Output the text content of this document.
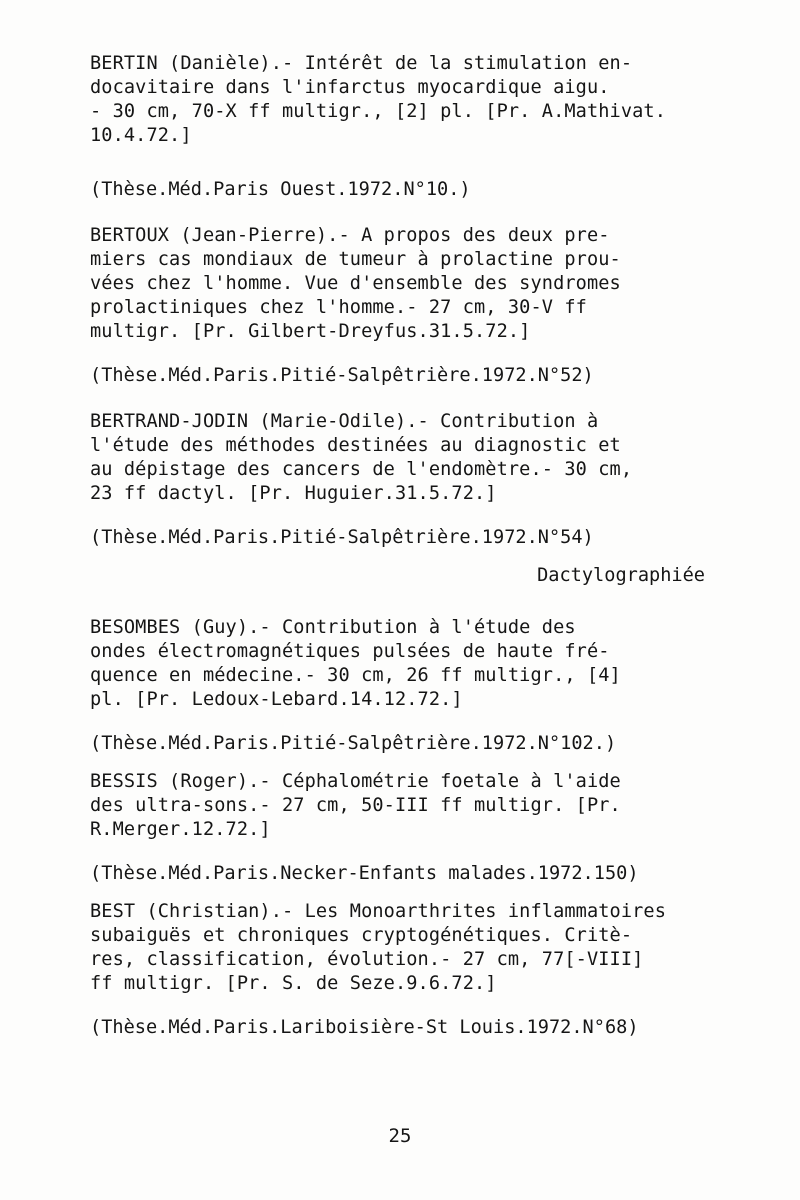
BERTIN (Danièle).- Intérêt de la stimulation en-
docavitaire dans l'infarctus myocardique aigu.
- 30 cm, 70-X ff multigr., [2] pl. [Pr. A.Mathivat.
10.4.72.]
(Thèse.Méd.Paris Ouest.1972.N°10.)
BERTOUX (Jean-Pierre).- A propos des deux pre-
miers cas mondiaux de tumeur à prolactine prou-
vées chez l'homme. Vue d'ensemble des syndromes
prolactiniques chez l'homme.- 27 cm, 30-V ff
multigr. [Pr. Gilbert-Dreyfus.31.5.72.]
(Thèse.Méd.Paris.Pitié-Salpêtrière.1972.N°52)
BERTRAND-JODIN (Marie-Odile).- Contribution à
l'étude des méthodes destinées au diagnostic et
au dépistage des cancers de l'endomètre.- 30 cm,
23 ff dactyl. [Pr. Huguier.31.5.72.]
(Thèse.Méd.Paris.Pitié-Salpêtrière.1972.N°54)
Dactylographiée
BESOMBES (Guy).- Contribution à l'étude des
ondes électromagnétiques pulsées de haute fré-
quence en médecine.- 30 cm, 26 ff multigr., [4]
pl. [Pr. Ledoux-Lebard.14.12.72.]
(Thèse.Méd.Paris.Pitié-Salpêtrière.1972.N°102.)
BESSIS (Roger).- Céphalométrie foetale à l'aide
des ultra-sons.- 27 cm, 50-III ff multigr. [Pr.
R.Merger.12.72.]
(Thèse.Méd.Paris.Necker-Enfants malades.1972.150)
BEST (Christian).- Les Monoarthrites inflammatoires
subaiguës et chroniques cryptogénétiques. Critè-
res, classification, évolution.- 27 cm, 77[-VIII]
ff multigr. [Pr. S. de Seze.9.6.72.]
(Thèse.Méd.Paris.Lariboisière-St Louis.1972.N°68)
25
